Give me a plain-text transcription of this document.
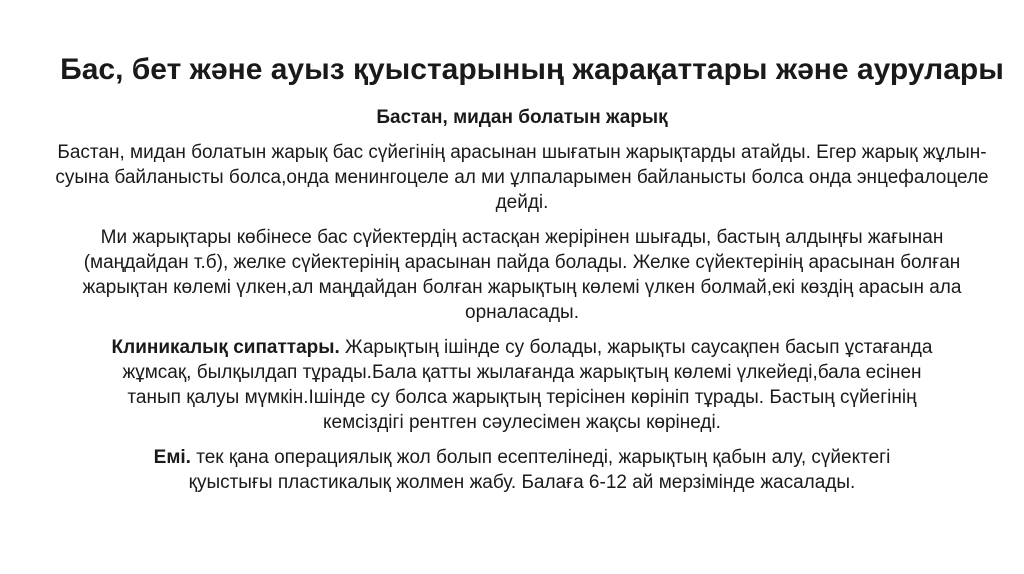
Бас, бет және ауыз қуыстарының жарақаттары және аурулары
Бастан, мидан болатын жарық
Бастан, мидан болатын жарық бас сүйегінің арасынан шығатын жарықтарды атайды. Егер жарық жұлын-суына байланысты болса,онда менингоцеле ал ми ұлпаларымен байланысты болса онда энцефалоцеле дейді.
Ми жарықтары көбінесе бас сүйектердің астасқан жерірінен шығады, бастың алдыңғы жағынан (маңдайдан т.б), желке сүйектерінің арасынан пайда болады. Желке сүйектерінің арасынан болған жарықтан көлемі үлкен,ал маңдайдан болған жарықтың көлемі үлкен болмай,екі көздің арасын ала орналасады.
Клиникалық сипаттары. Жарықтың ішінде су болады, жарықты саусақпен басып ұстағанда жұмсақ, былқылдап тұрады.Бала қатты жылағанда жарықтың көлемі үлкейеді,бала есінен танып қалуы мүмкін.Ішінде су болса жарықтың терісінен көрініп тұрады. Бастың сүйегінің кемсіздігі рентген сәулесімен жақсы көрінеді.
Емі. тек қана операциялық жол болып есептелінеді, жарықтың қабын алу, сүйектегі қуыстығы пластикалық жолмен жабу. Балаға 6-12 ай мерзімінде жасалады.
